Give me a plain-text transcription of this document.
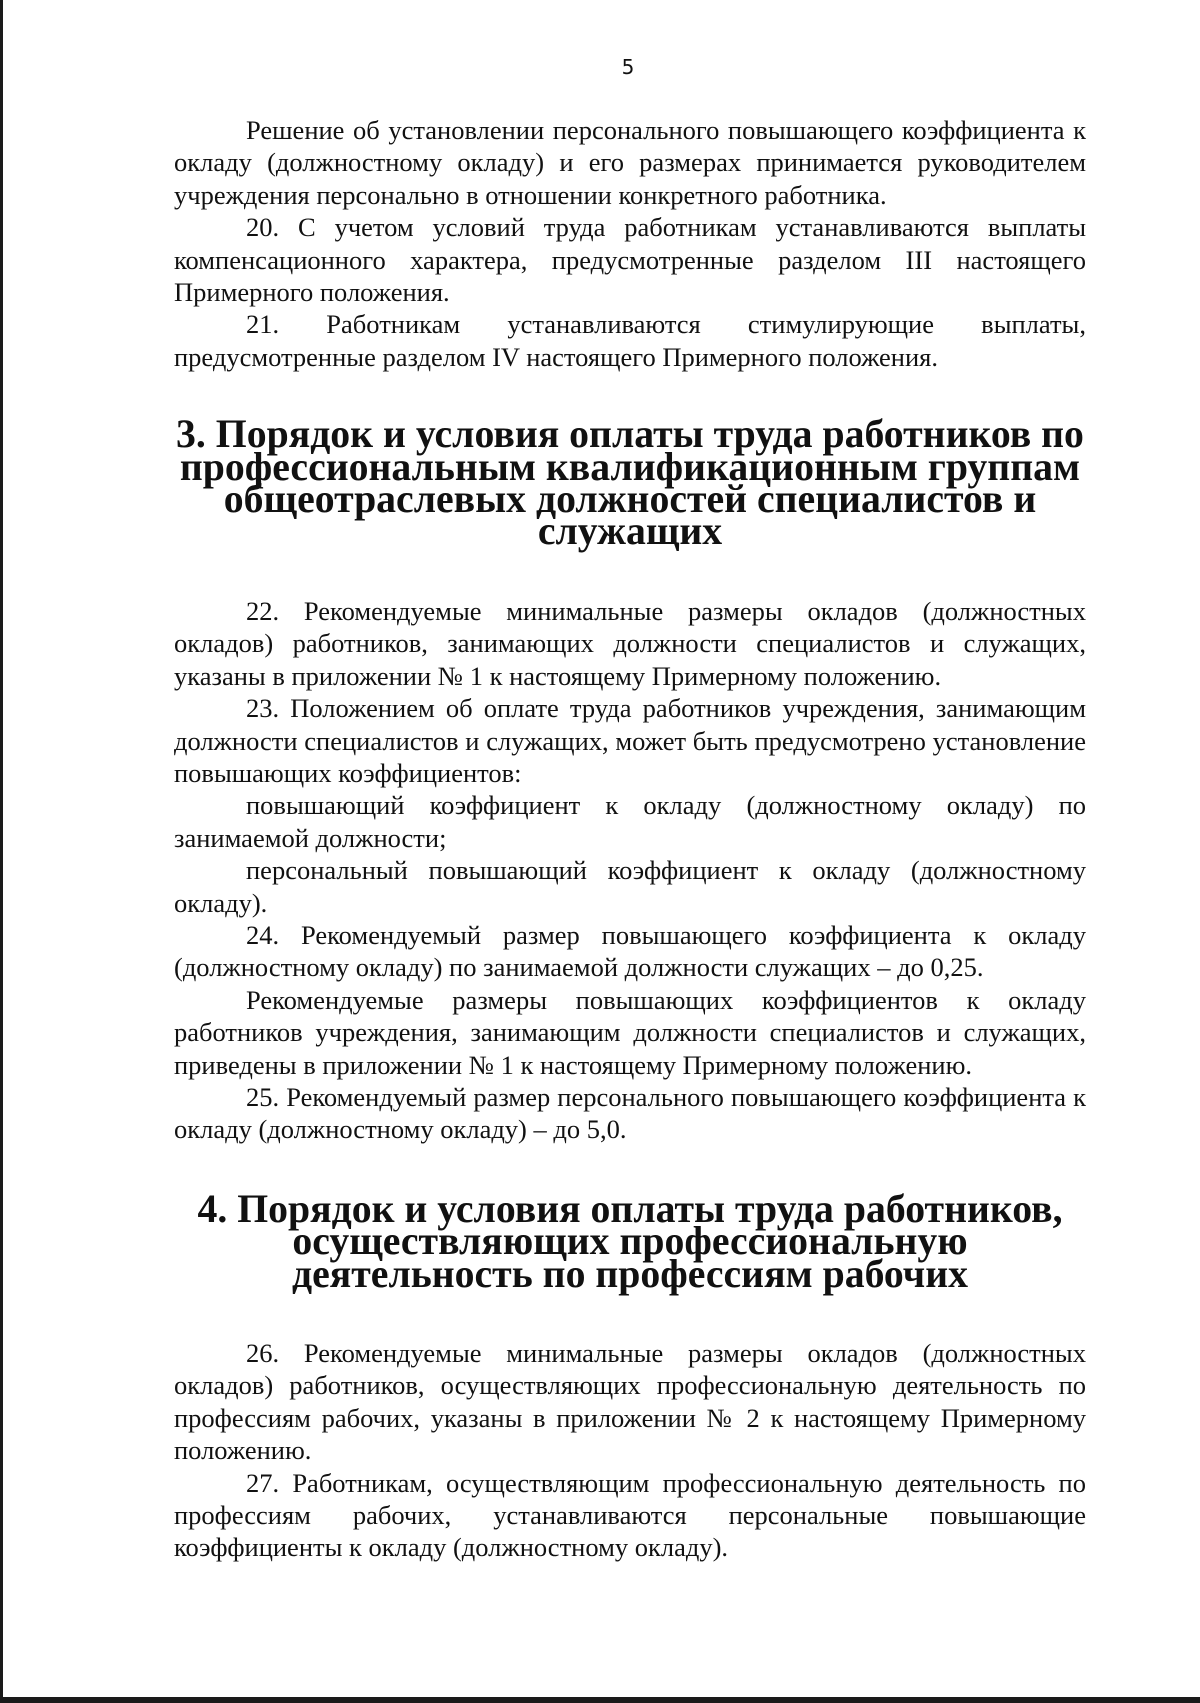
5

Решение об установлении персонального повышающего коэффициента к окладу (должностному окладу) и его размерах принимается руководителем учреждения персонально в отношении конкретного работника.

20. С учетом условий труда работникам устанавливаются выплаты компенсационного характера, предусмотренные разделом III настоящего Примерного положения.

21. Работникам устанавливаются стимулирующие выплаты, предусмотренные разделом IV настоящего Примерного положения.

3. Порядок и условия оплаты труда работников по профессиональным квалификационным группам общеотраслевых должностей специалистов и служащих

22. Рекомендуемые минимальные размеры окладов (должностных окладов) работников, занимающих должности специалистов и служащих, указаны в приложении № 1 к настоящему Примерному положению.

23. Положением об оплате труда работников учреждения, занимающим должности специалистов и служащих, может быть предусмотрено установление повышающих коэффициентов:

повышающий коэффициент к окладу (должностному окладу) по занимаемой должности;

персональный повышающий коэффициент к окладу (должностному окладу).

24. Рекомендуемый размер повышающего коэффициента к окладу (должностному окладу) по занимаемой должности служащих – до 0,25.

Рекомендуемые размеры повышающих коэффициентов к окладу работников учреждения, занимающим должности специалистов и служащих, приведены в приложении № 1 к настоящему Примерному положению.

25. Рекомендуемый размер персонального повышающего коэффициента к окладу (должностному окладу) – до 5,0.

4. Порядок и условия оплаты труда работников, осуществляющих профессиональную деятельность по профессиям рабочих

26. Рекомендуемые минимальные размеры окладов (должностных окладов) работников, осуществляющих профессиональную деятельность по профессиям рабочих, указаны в приложении № 2 к настоящему Примерному положению.

27. Работникам, осуществляющим профессиональную деятельность по профессиям рабочих, устанавливаются персональные повышающие коэффициенты к окладу (должностному окладу).
